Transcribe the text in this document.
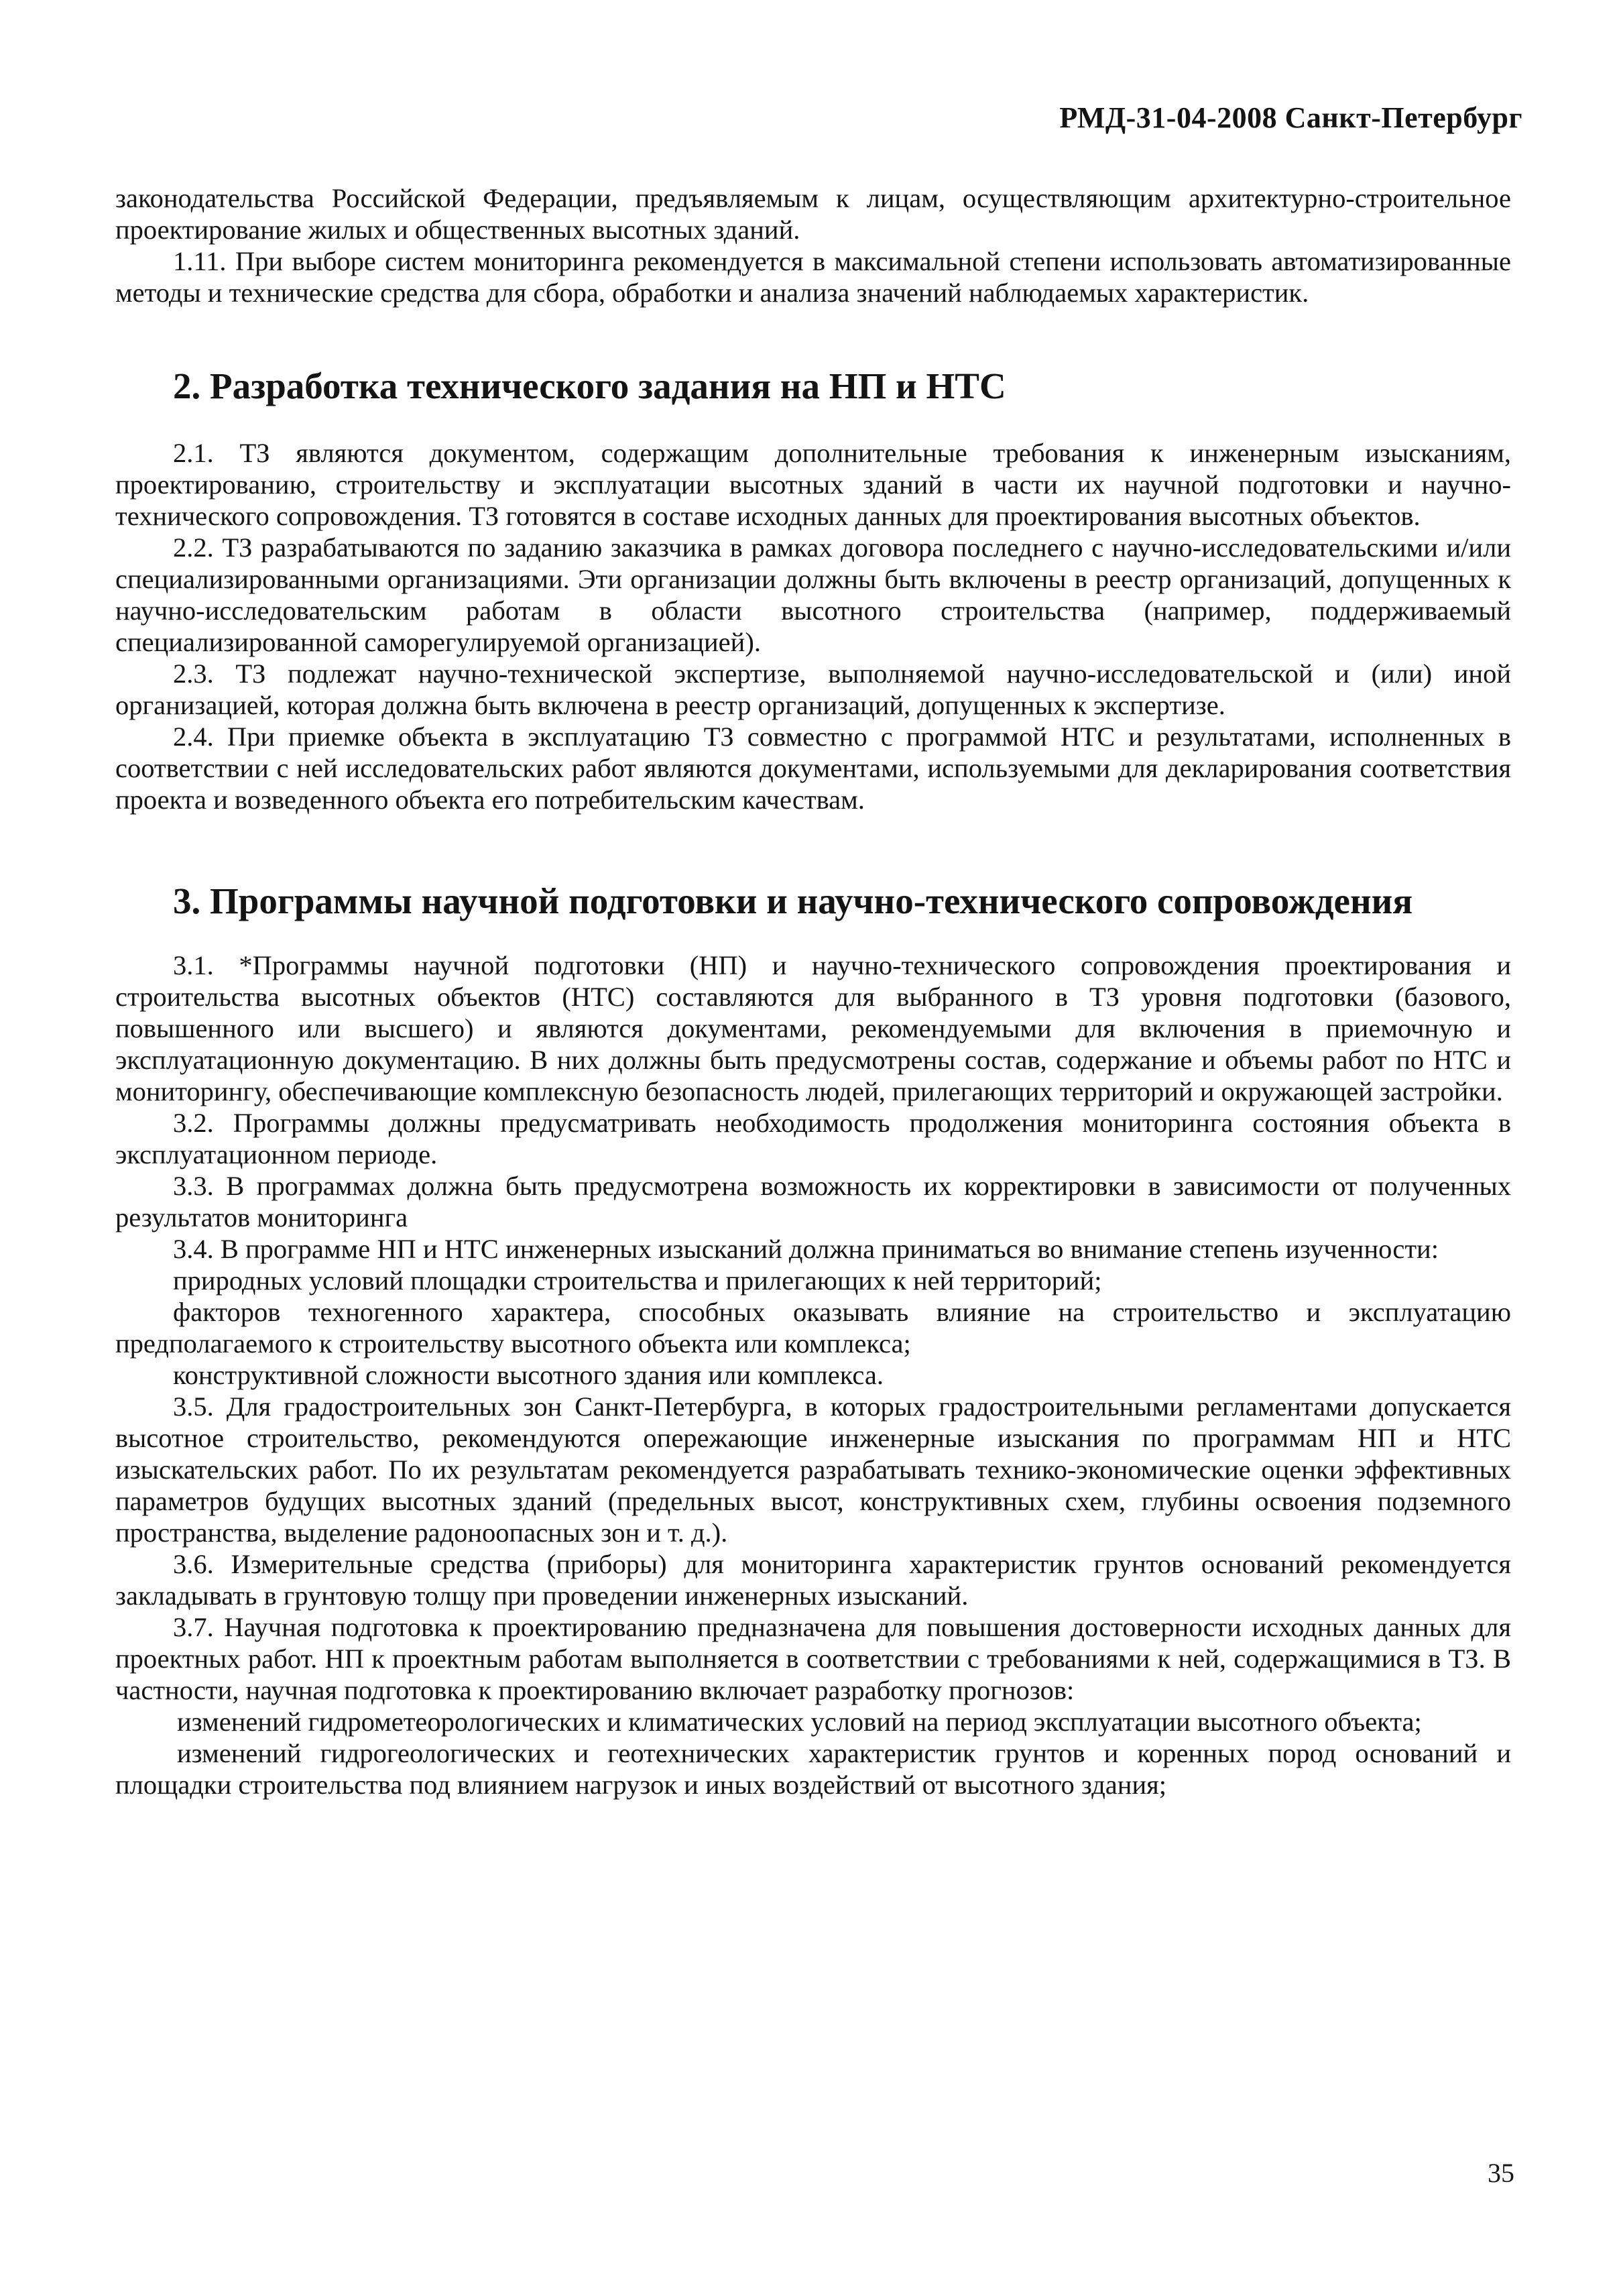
РМД-31-04-2008 Санкт-Петербург

законодательства Российской Федерации, предъявляемым к лицам, осуществляющим архитектурно-строительное проектирование жилых и общественных высотных зданий.

1.11. При выборе систем мониторинга рекомендуется в максимальной степени использовать автоматизированные методы и технические средства для сбора, обработки и анализа значений наблюдаемых характеристик.

2. Разработка технического задания на НП и НТС

2.1. ТЗ являются документом, содержащим дополнительные требования к инженерным изысканиям, проектированию, строительству и эксплуатации высотных зданий в части их научной подготовки и научно-технического сопровождения. ТЗ готовятся в составе исходных данных для проектирования высотных объектов.

2.2. ТЗ разрабатываются по заданию заказчика в рамках договора последнего с научно-исследовательскими и/или специализированными организациями. Эти организации должны быть включены в реестр организаций, допущенных к научно-исследовательским работам в области высотного строительства (например, поддерживаемый специализированной саморегулируемой организацией).

2.3. ТЗ подлежат научно-технической экспертизе, выполняемой научно-исследовательской и (или) иной организацией, которая должна быть включена в реестр организаций, допущенных к экспертизе.

2.4. При приемке объекта в эксплуатацию ТЗ совместно с программой НТС и результатами, исполненных в соответствии с ней исследовательских работ являются документами, используемыми для декларирования соответствия проекта и возведенного объекта его потребительским качествам.

3. Программы научной подготовки и научно-технического сопровождения

3.1. *Программы научной подготовки (НП) и научно-технического сопровождения проектирования и строительства высотных объектов (НТС) составляются для выбранного в ТЗ уровня подготовки (базового, повышенного или высшего) и являются документами, рекомендуемыми для включения в приемочную и эксплуатационную документацию. В них должны быть предусмотрены состав, содержание и объемы работ по НТС и мониторингу, обеспечивающие комплексную безопасность людей, прилегающих территорий и окружающей застройки.

3.2. Программы должны предусматривать необходимость продолжения мониторинга состояния объекта в эксплуатационном периоде.

3.3. В программах должна быть предусмотрена возможность их корректировки в зависимости от полученных результатов мониторинга

3.4. В программе НП и НТС инженерных изысканий должна приниматься во внимание степень изученности:

природных условий площадки строительства и прилегающих к ней территорий;

факторов техногенного характера, способных оказывать влияние на строительство и эксплуатацию предполагаемого к строительству высотного объекта или комплекса;

конструктивной сложности высотного здания или комплекса.

3.5. Для градостроительных зон Санкт-Петербурга, в которых градостроительными регламентами допускается высотное строительство, рекомендуются опережающие инженерные изыскания по программам НП и НТС изыскательских работ. По их результатам рекомендуется разрабатывать технико-экономические оценки эффективных параметров будущих высотных зданий (предельных высот, конструктивных схем, глубины освоения подземного пространства, выделение радоноопасных зон и т. д.).

3.6. Измерительные средства (приборы) для мониторинга характеристик грунтов оснований рекомендуется закладывать в грунтовую толщу при проведении инженерных изысканий.

3.7. Научная подготовка к проектированию предназначена для повышения достоверности исходных данных для проектных работ. НП к проектным работам выполняется в соответствии с требованиями к ней, содержащимися в ТЗ. В частности, научная подготовка к проектированию включает разработку прогнозов:

изменений гидрометеорологических и климатических условий на период эксплуатации высотного объекта;

изменений гидрогеологических и геотехнических характеристик грунтов и коренных пород оснований и площадки строительства под влиянием нагрузок и иных воздействий от высотного здания;

35
